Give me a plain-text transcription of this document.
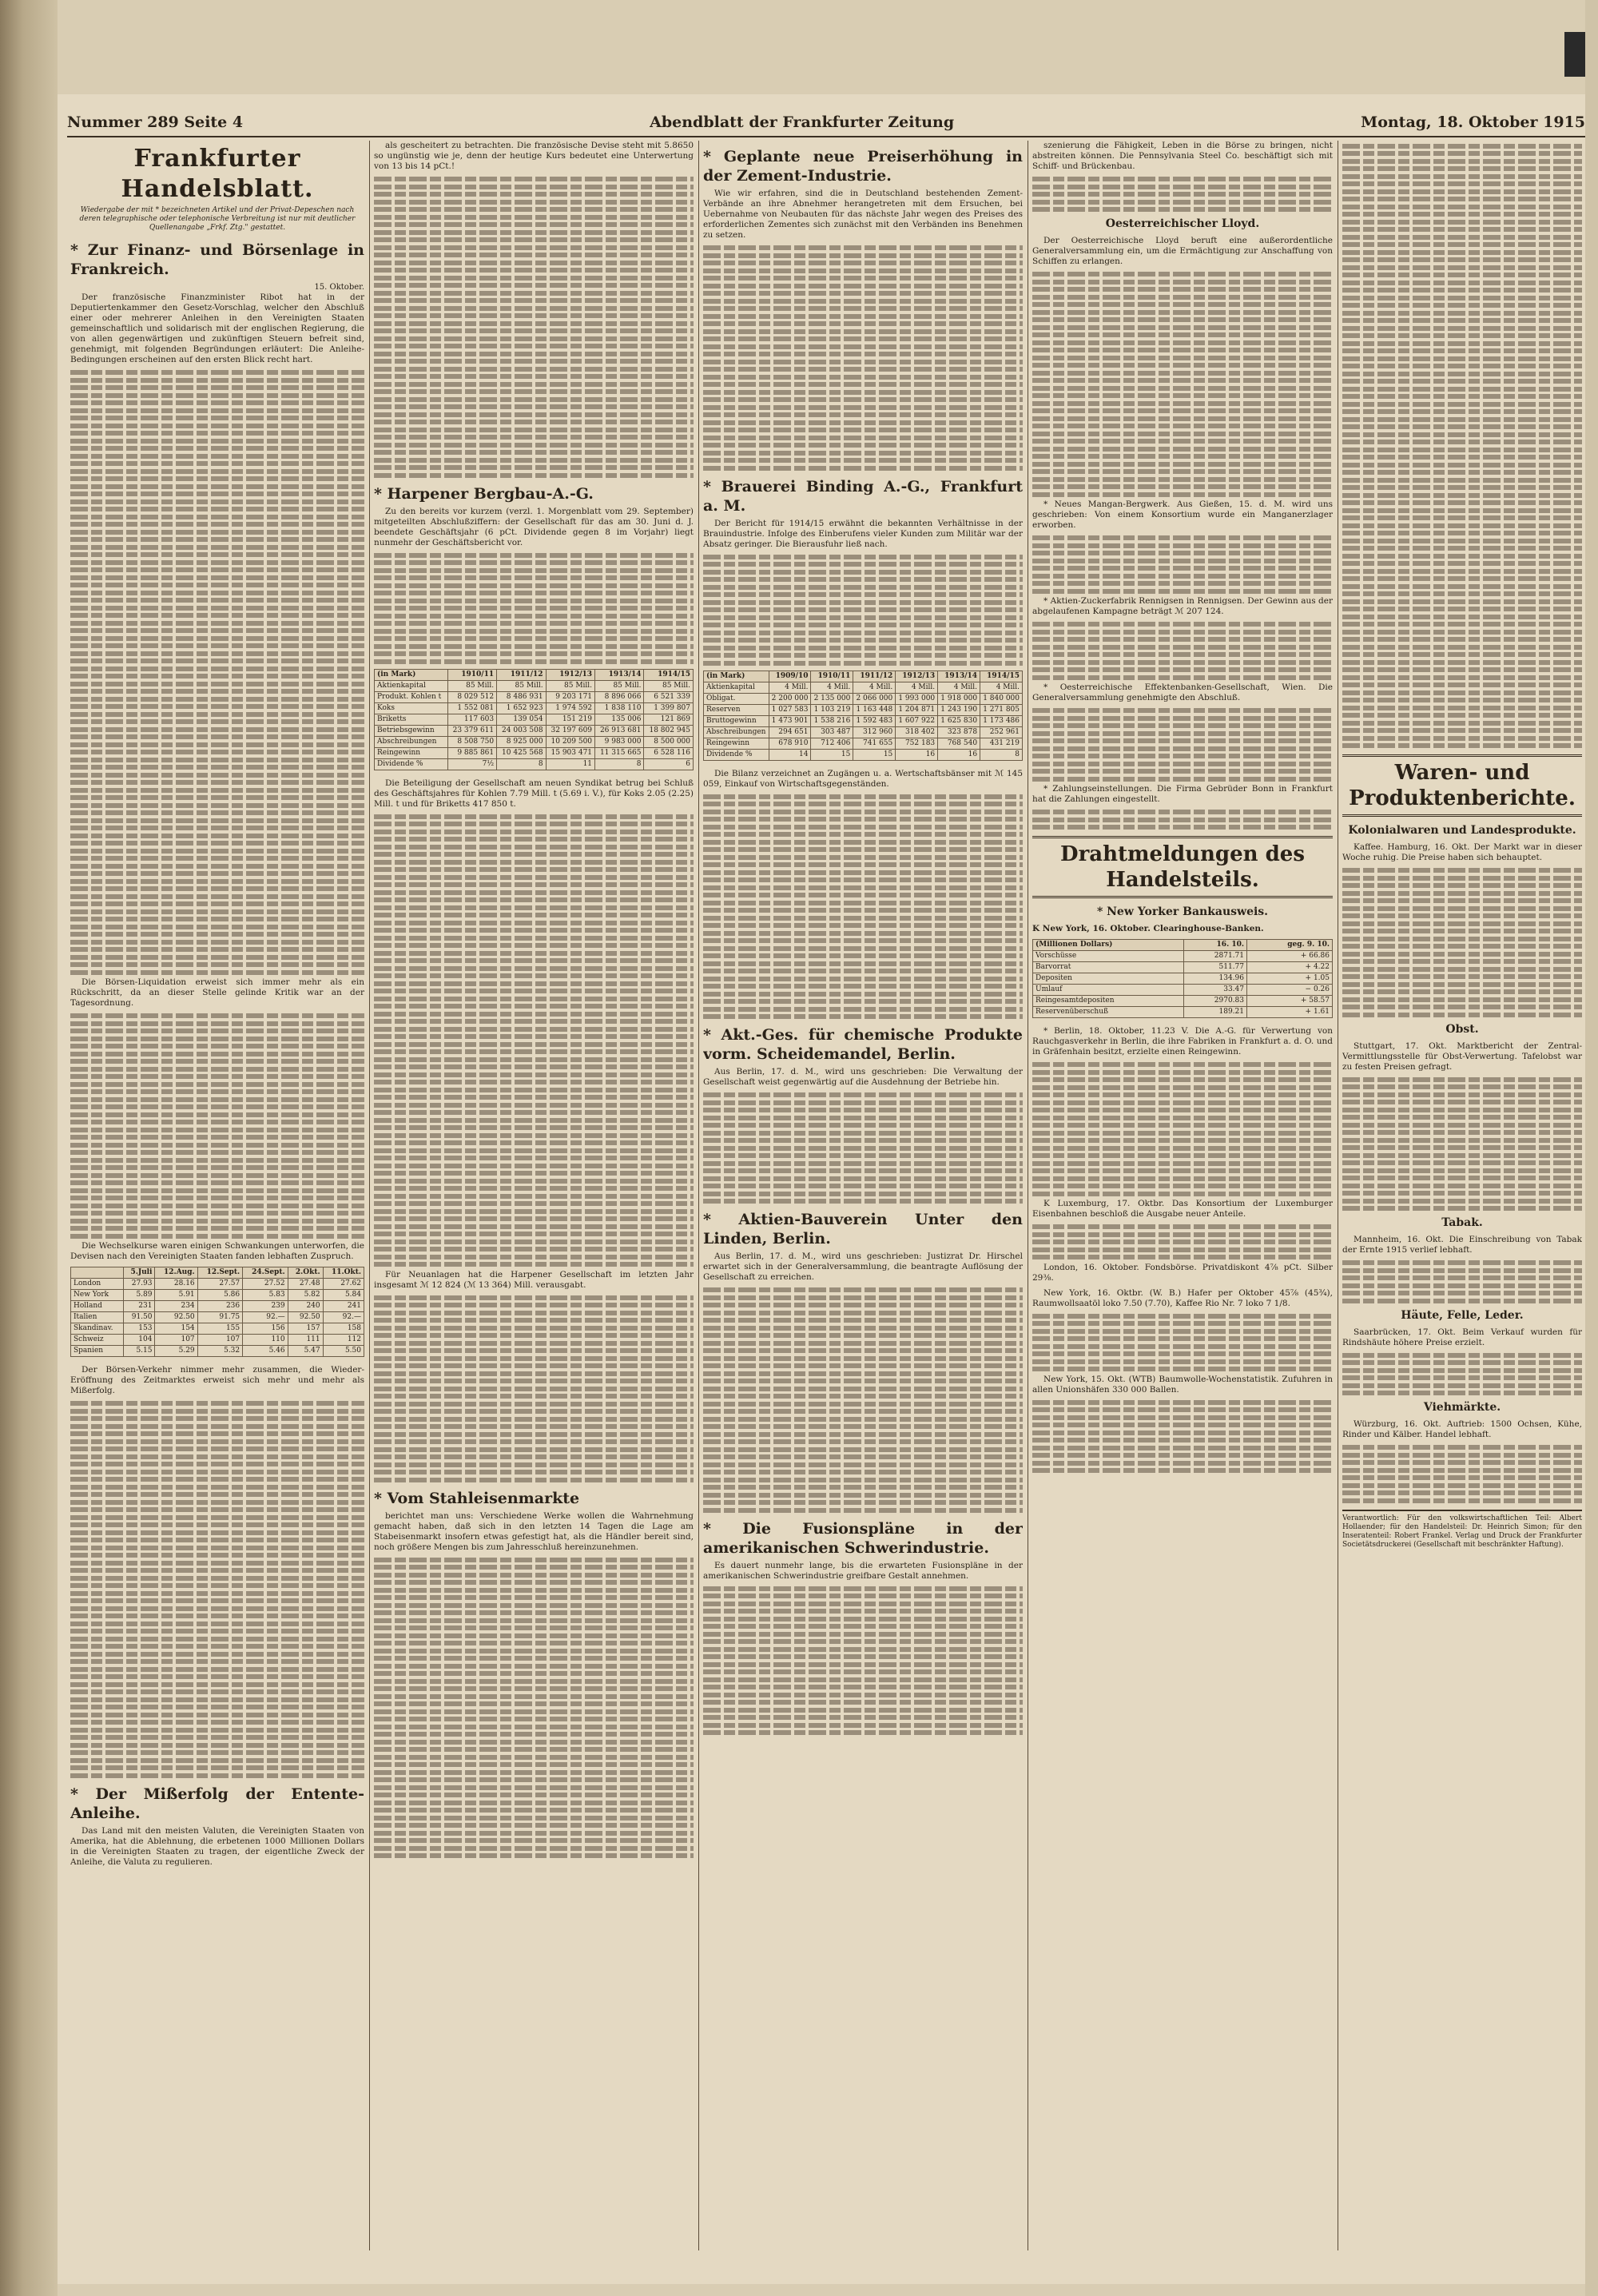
Nummer 289 Seite 4	Abendblatt der Frankfurter Zeitung	Montag, 18. Oktober 1915
Frankfurter Handelsblatt.
Wiedergabe der mit * bezeichneten Artikel und der Privat-Depeschen nach deren telegraphische oder telephonische Verbreitung ist nur mit deutlicher Quellenangabe „Frkf. Ztg." gestattet.
* Zur Finanz- und Börsenlage in Frankreich.
15. Oktober.

Der französische Finanzminister Ribot hat in der Deputiertenkammer den Gesetz-Vorschlag, welcher den Abschluß einer oder mehrerer Anleihen in den Vereinigten Staaten gemeinschaftlich und solidarisch mit der englischen Regierung, die von allen gegenwärtigen und zukünftigen Steuern befreit sind, genehmigt, mit folgenden Begründungen erläutert: Die Anleihe-Bedingungen erscheinen auf den ersten Blick recht hart.

Die Börsen-Liquidation erweist sich immer mehr als ein Rückschritt, da an dieser Stelle gelinde Kritik war an der Tagesordnung.

Die Wechselkurse waren einigen Schwankungen unterworfen, die Devisen nach den Vereinigten Staaten fanden lebhaften Zuspruch.

	5.Juli	12.Aug.	12.Sept.	24.Sept.	2.Okt.	11.Okt.
London	27.93	28.16	27.57	27.52	27.48	27.62
New York	5.89	5.91	5.86	5.83	5.82	5.84
Holland	231	234	236	239	240	241
Italien	91.50	92.50	91.75	92.—	92.50	92.—
Skandinav.	153	154	155	156	157	158
Schweiz	104	107	107	110	111	112
Spanien	5.15	5.29	5.32	5.46	5.47	5.50

Der Börsen-Verkehr nimmer mehr zusammen, die Wieder-Eröffnung des Zeitmarktes erweist sich mehr und mehr als Mißerfolg.

* Der Mißerfolg der Entente-Anleihe.

Das Land mit den meisten Valuten, die Vereinigten Staaten von Amerika, hat die Ablehnung, die erbetenen 1000 Millionen Dollars in die Vereinigten Staaten zu tragen, der eigentliche Zweck der Anleihe, die Valuta zu regulieren.

als gescheitert zu betrachten. Die französische Devise steht mit 5.8650 so ungünstig wie je, denn der heutige Kurs bedeutet eine Unterwertung von 13 bis 14 pCt.!

* Harpener Bergbau-A.-G.

Zu den bereits vor kurzem (verzl. 1. Morgenblatt vom 29. September) mitgeteilten Abschlußziffern: der Gesellschaft für das am 30. Juni d. J. beendete Geschäftsjahr (6 pCt. Dividende gegen 8 im Vorjahr) liegt nunmehr der Geschäftsbericht vor.

(in Mark)	1910/11	1911/12	1912/13	1913/14	1914/15
Aktienkapital	85 Mill.	85 Mill.	85 Mill.	85 Mill.	85 Mill.
Produkt. Kohlen t	8 029 512	8 486 931	9 203 171	8 896 066	6 521 339
Koks	1 552 081	1 652 923	1 974 592	1 838 110	1 399 807
Briketts	117 603	139 054	151 219	135 006	121 869
Betriebsgewinn	23 379 611	24 003 508	32 197 609	26 913 681	18 802 945
Abschreibungen	8 508 750	8 925 000	10 209 500	9 983 000	8 500 000
Reingewinn	9 885 861	10 425 568	15 903 471	11 315 665	6 528 116
Dividende %	7½	8	11	8	6

Die Beteiligung der Gesellschaft am neuen Syndikat betrug bei Schluß des Geschäftsjahres für Kohlen 7.79 Mill. t (5.69 i. V.), für Koks 2.05 (2.25) Mill. t und für Briketts 417 850 t.

Für Neuanlagen hat die Harpener Gesellschaft im letzten Jahr insgesamt ℳ 12 824 (ℳ 13 364) Mill. verausgabt.

* Vom Stahleisenmarkte

berichtet man uns: Verschiedene Werke wollen die Wahrnehmung gemacht haben, daß sich in den letzten 14 Tagen die Lage am Stabeisenmarkt insofern etwas gefestigt hat, als die Händler bereit sind, noch größere Mengen bis zum Jahresschluß hereinzunehmen.

* Geplante neue Preiserhöhung in der Zement-Industrie.

Wie wir erfahren, sind die in Deutschland bestehenden Zement-Verbände an ihre Abnehmer herangetreten mit dem Ersuchen, bei Uebernahme von Neubauten für das nächste Jahr wegen des Preises des erforderlichen Zementes sich zunächst mit den Verbänden ins Benehmen zu setzen.

* Brauerei Binding A.-G., Frankfurt a. M.

Der Bericht für 1914/15 erwähnt die bekannten Verhältnisse in der Brauindustrie. Infolge des Einberufens vieler Kunden zum Militär war der Absatz geringer. Die Bierausfuhr ließ nach.

(in Mark)	1909/10	1910/11	1911/12	1912/13	1913/14	1914/15
Aktienkapital	4 Mill.	4 Mill.	4 Mill.	4 Mill.	4 Mill.	4 Mill.
Obligat.	2 200 000	2 135 000	2 066 000	1 993 000	1 918 000	1 840 000
Reserven	1 027 583	1 103 219	1 163 448	1 204 871	1 243 190	1 271 805
Bruttogewinn	1 473 901	1 538 216	1 592 483	1 607 922	1 625 830	1 173 486
Abschreibungen	294 651	303 487	312 960	318 402	323 878	252 961
Reingewinn	678 910	712 406	741 655	752 183	768 540	431 219
Dividende %	14	15	15	16	16	8

Die Bilanz verzeichnet an Zugängen u. a. Wertschaftsbänser mit ℳ 145 059, Einkauf von Wirtschaftsgegenständen.

* Akt.-Ges. für chemische Produkte vorm. Scheidemandel, Berlin.

Aus Berlin, 17. d. M., wird uns geschrieben: Die Verwaltung der Gesellschaft weist gegenwärtig auf die Ausdehnung der Betriebe hin.

* Aktien-Bauverein Unter den Linden, Berlin.

Aus Berlin, 17. d. M., wird uns geschrieben: Justizrat Dr. Hirschel erwartet sich in der Generalversammlung, die beantragte Auflösung der Gesellschaft zu erreichen.

* Die Fusionspläne in der amerikanischen Schwerindustrie.

Es dauert nunmehr lange, bis die erwarteten Fusionspläne in der amerikanischen Schwerindustrie greifbare Gestalt annehmen.

szenierung die Fähigkeit, Leben in die Börse zu bringen, nicht abstreiten können. Die Pennsylvania Steel Co. beschäftigt sich mit Schiff- und Brückenbau.

Oesterreichischer Lloyd.

Der Oesterreichische Lloyd beruft eine außerordentliche Generalversammlung ein, um die Ermächtigung zur Anschaffung von Schiffen zu erlangen.

* Neues Mangan-Bergwerk. Aus Gießen, 15. d. M. wird uns geschrieben: Von einem Konsortium wurde ein Manganerzlager erworben.

* Aktien-Zuckerfabrik Rennigsen in Rennigsen. Der Gewinn aus der abgelaufenen Kampagne beträgt ℳ 207 124.

* Oesterreichische Effektenbanken-Gesellschaft, Wien. Die Generalversammlung genehmigte den Abschluß.

* Zahlungseinstellungen. Die Firma Gebrüder Bonn in Frankfurt hat die Zahlungen eingestellt.

Drahtmeldungen des Handelsteils.
* New Yorker Bankausweis.
K New York, 16. Oktober. Clearinghouse-Banken.
(Millionen Dollars)	16. 10.	geg. 9. 10.
Vorschüsse	2871.71	+ 66.86
Barvorrat	511.77	+ 4.22
Depositen	134.96	+ 1.05
Umlauf	33.47	− 0.26
Reingesamtdepositen	2970.83	+ 58.57
Reservenüberschuß	189.21	+ 1.61

* Berlin, 18. Oktober, 11.23 V. Die A.-G. für Verwertung von Rauchgasverkehr in Berlin, die ihre Fabriken in Frankfurt a. d. O. und in Gräfenhain besitzt, erzielte einen Reingewinn.

K Luxemburg, 17. Oktbr. Das Konsortium der Luxemburger Eisenbahnen beschloß die Ausgabe neuer Anteile.

London, 16. Oktober. Fondsbörse. Privatdiskont 4⅞ pCt. Silber 29⅜.

New York, 16. Oktbr. (W. B.) Hafer per Oktober 45⅞ (45¾), Raumwollsaatöl loko 7.50 (7.70), Kaffee Rio Nr. 7 loko 7 1/8.

New York, 15. Okt. (WTB) Baumwolle-Wochenstatistik. Zufuhren in allen Unionshäfen 330 000 Ballen.

Waren- und Produktenberichte.
Kolonialwaren und Landesprodukte.

Kaffee. Hamburg, 16. Okt. Der Markt war in dieser Woche ruhig. Die Preise haben sich behauptet.

Obst.

Stuttgart, 17. Okt. Marktbericht der Zentral-Vermittlungsstelle für Obst-Verwertung. Tafelobst war zu festen Preisen gefragt.

Tabak.

Mannheim, 16. Okt. Die Einschreibung von Tabak der Ernte 1915 verlief lebhaft.

Häute, Felle, Leder.

Saarbrücken, 17. Okt. Beim Verkauf wurden für Rindshäute höhere Preise erzielt.

Viehmärkte.

Würzburg, 16. Okt. Auftrieb: 1500 Ochsen, Kühe, Rinder und Kälber. Handel lebhaft.

Verantwortlich: Für den volkswirtschaftlichen Teil: Albert Hollaender; für den Handelsteil: Dr. Heinrich Simon; für den Inseratenteil: Robert Frankel. Verlag und Druck der Frankfurter Societätsdruckerei (Gesellschaft mit beschränkter Haftung).
